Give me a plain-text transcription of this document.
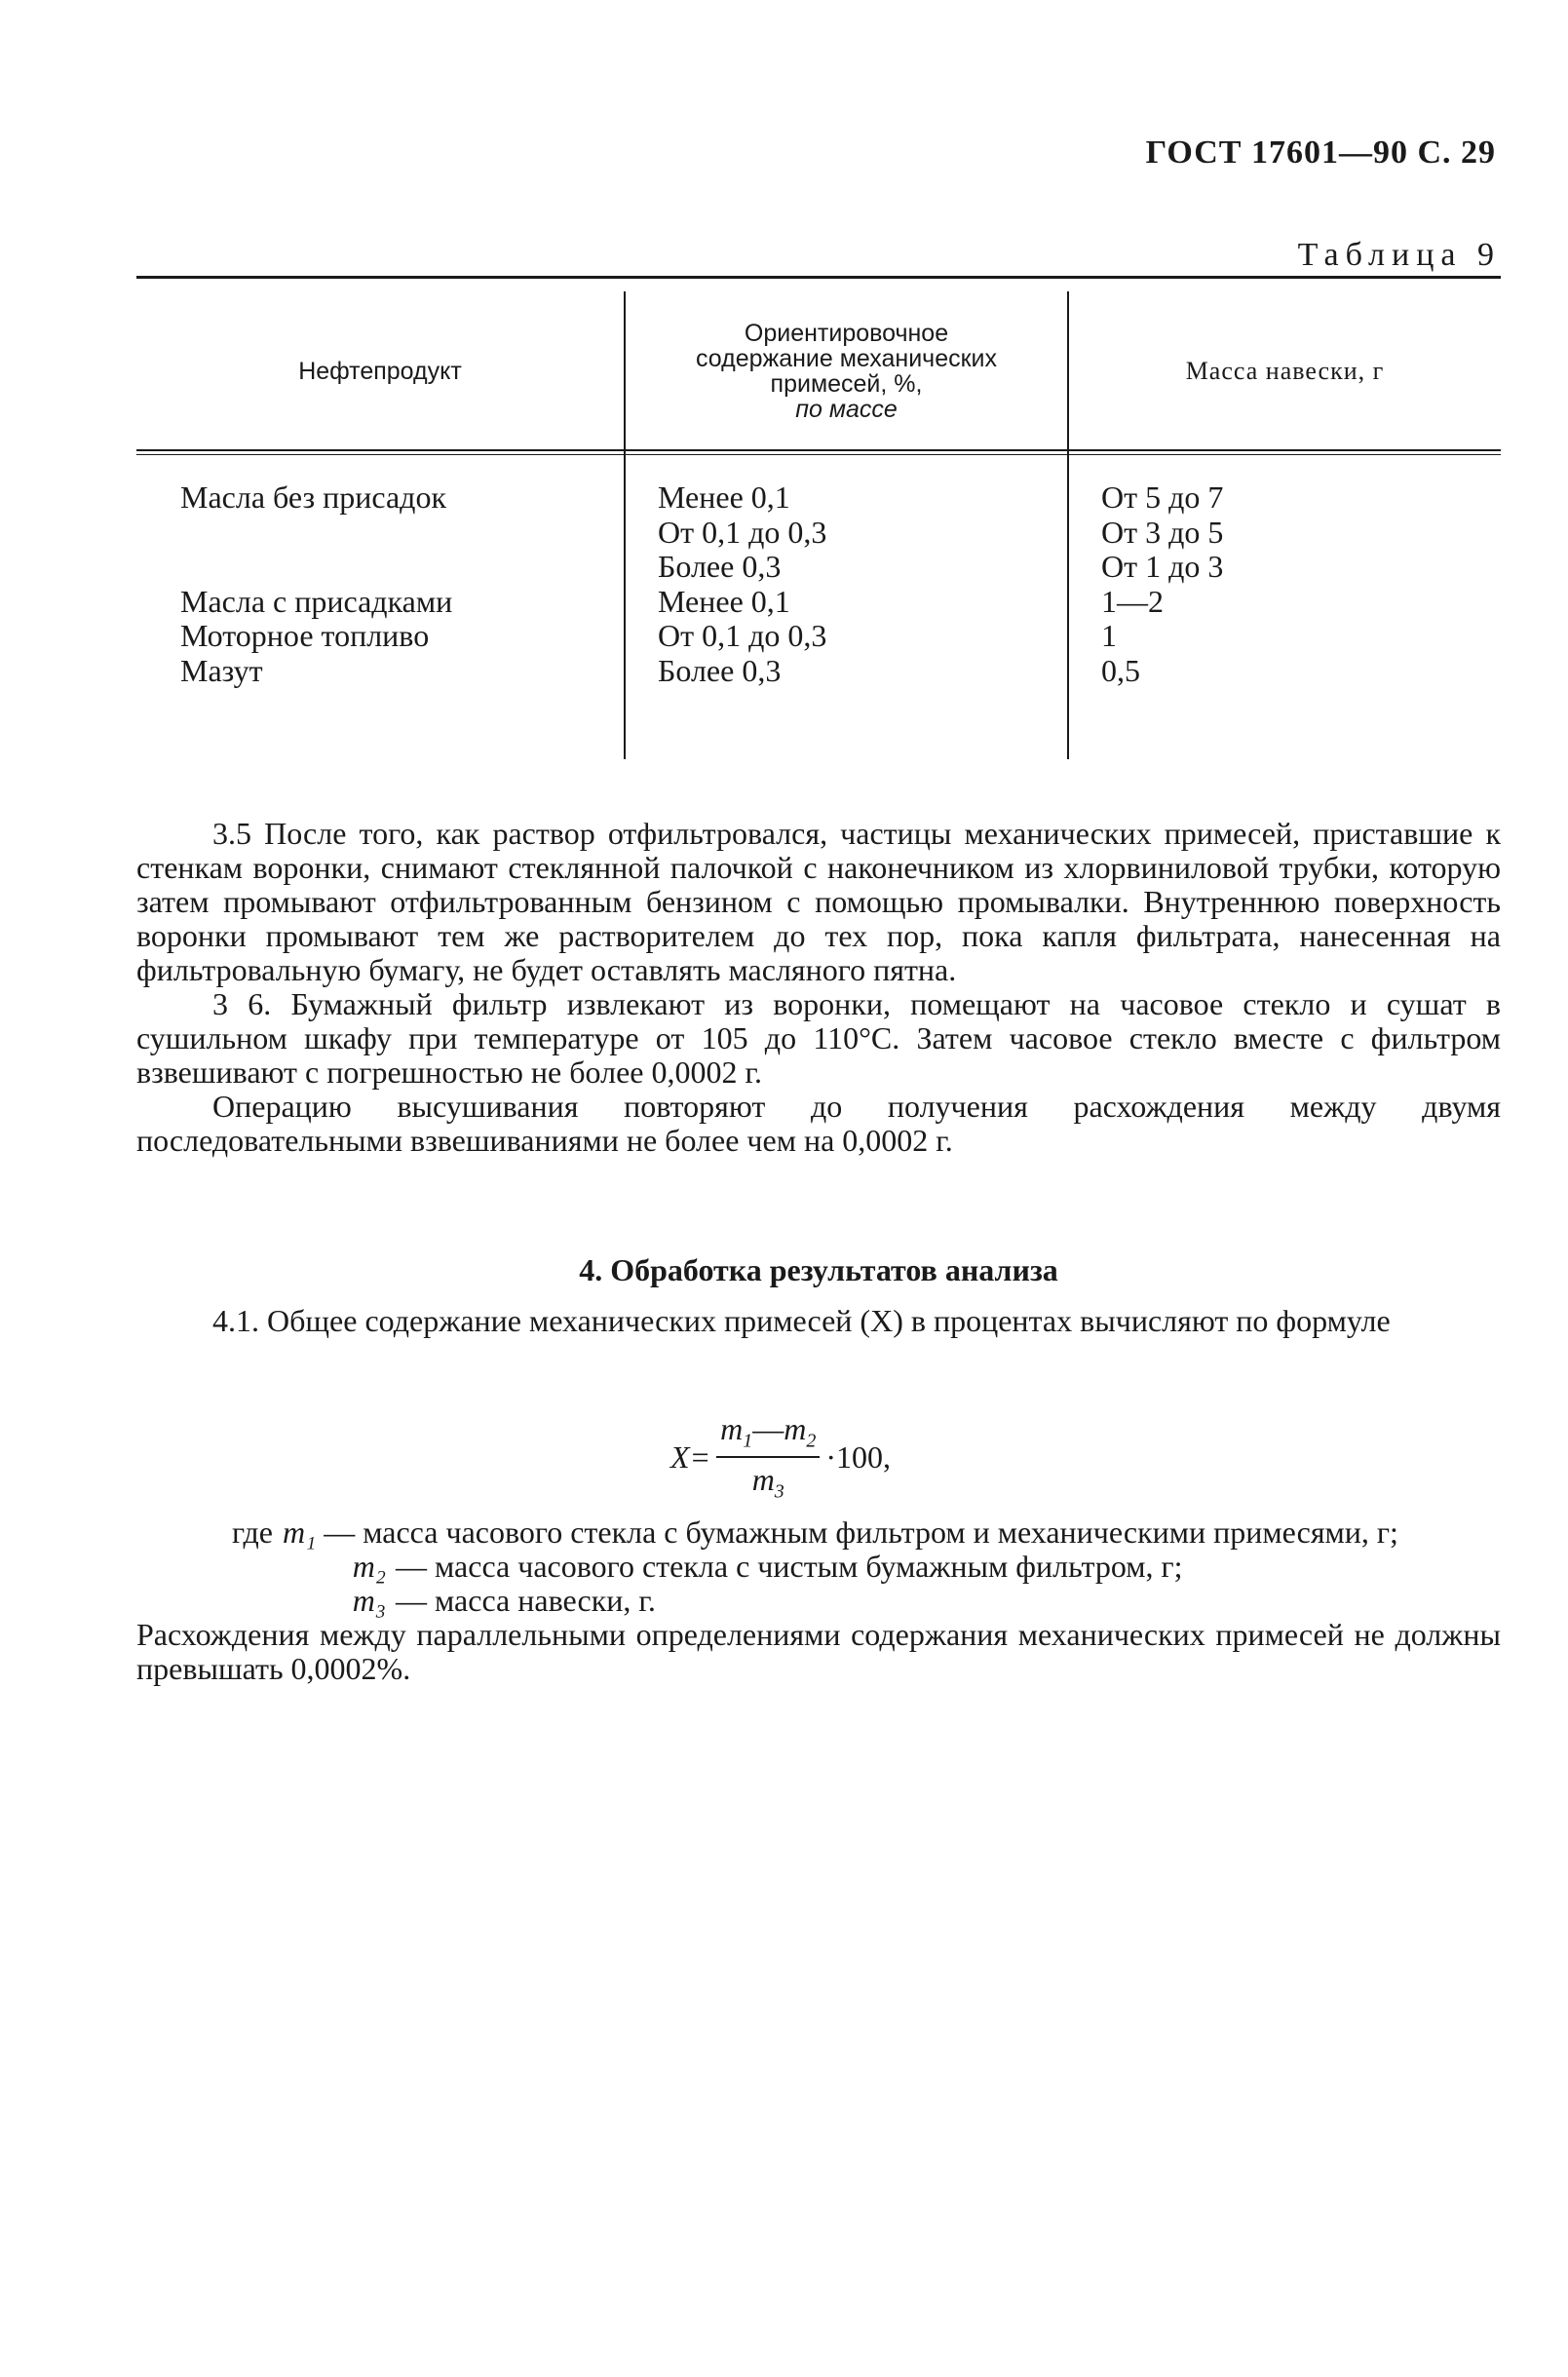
ГОСТ 17601—90 С. 29
Таблица 9
Нефтепродукт
Ориентировочное
содержание механических
примесей, %,
по массе
Масса навески, г
Масла без присадок
Масла с присадками
Моторное топливо
Мазут
Менее 0,1
От 0,1 до 0,3
Более 0,3
Менее 0,1
От 0,1 до 0,3
Более 0,3
От 5 до 7
От 3 до 5
От 1 до 3
1—2
1
0,5

3.5 После того, как раствор отфильтровался, частицы механических примесей, приставшие к стенкам воронки, снимают стеклянной палочкой с наконечником из хлорвиниловой трубки, которую затем промывают отфильтрованным бензином с помощью промывалки. Внутреннюю поверхность воронки промывают тем же растворителем до тех пор, пока капля фильтрата, нанесенная на фильтровальную бумагу, не будет оставлять масляного пятна.

3 6. Бумажный фильтр извлекают из воронки, помещают на часовое стекло и сушат в сушильном шкафу при температуре от 105 до 110°С. Затем часовое стекло вместе с фильтром взвешивают с погрешностью не более 0,0002 г.

Операцию высушивания повторяют до получения расхождения между двумя последовательными взвешиваниями не более чем на 0,0002 г.

4. Обработка результатов анализа

4.1. Общее содержание механических примесей (X) в процентах вычисляют по формуле

$X= \frac{m_1—m_2}{m_3} \cdot 100$,
где m₁ — масса часового стекла с бумажным фильтром и механическими примесями, г;
m₂ — масса часового стекла с чистым бумажным фильтром, г;
m₃ — масса навески, г.

Расхождения между параллельными определениями содержания механических примесей не должны превышать 0,0002%.
